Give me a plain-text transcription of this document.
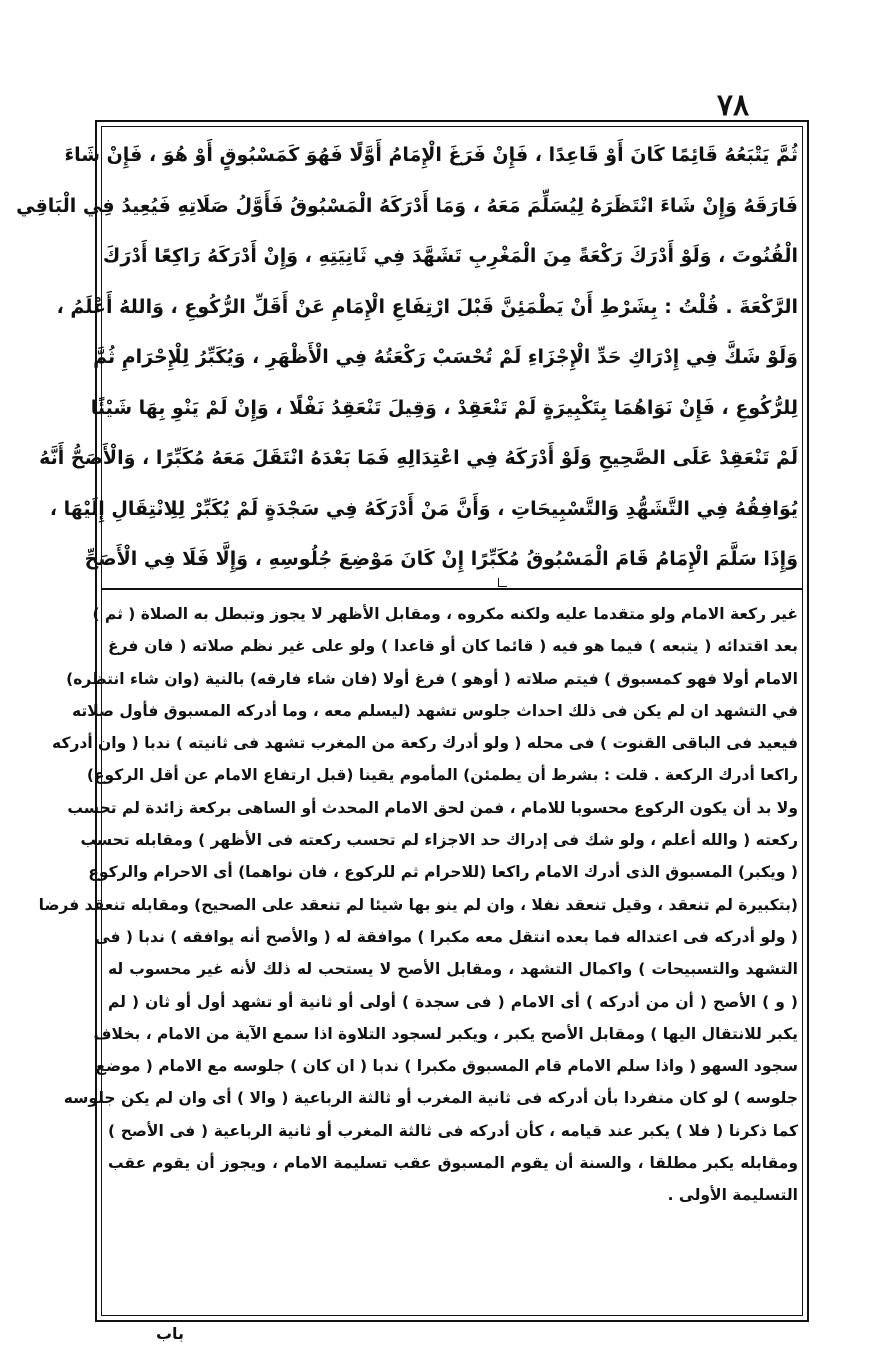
٧٨
ثُمَّ يَتْبَعُهُ قَائِمًا كَانَ أَوْ قَاعِدًا ، فَإِنْ فَرَغَ الْإِمَامُ أَوَّلًا فَهُوَ كَمَسْبُوقٍ أَوْ هُوَ ، فَإِنْ شَاءَ
فَارَقَهُ وَإِنْ شَاءَ انْتَظَرَهُ لِيُسَلِّمَ مَعَهُ ، وَمَا أَدْرَكَهُ الْمَسْبُوقُ فَأَوَّلُ صَلَاتِهِ فَيُعِيدُ فِي الْبَاقِي
الْقُنُوتَ ، وَلَوْ أَدْرَكَ رَكْعَةً مِنَ الْمَغْرِبِ تَشَهَّدَ فِي ثَانِيَتِهِ ، وَإِنْ أَدْرَكَهُ رَاكِعًا أَدْرَكَ
الرَّكْعَةَ . قُلْتُ : بِشَرْطِ أَنْ يَطْمَئِنَّ قَبْلَ ارْتِفَاعِ الْإِمَامِ عَنْ أَقَلِّ الرُّكُوعِ ، وَاللهُ أَعْلَمُ ،
وَلَوْ شَكَّ فِي إِدْرَاكِ حَدِّ الْإِجْزَاءِ لَمْ تُحْسَبْ رَكْعَتُهُ فِي الْأَظْهَرِ ، وَيُكَبِّرُ لِلْإِحْرَامِ ثُمَّ
لِلرُّكُوعِ ، فَإِنْ نَوَاهُمَا بِتَكْبِيرَةٍ لَمْ تَنْعَقِدْ ، وَقِيلَ تَنْعَقِدُ نَفْلًا ، وَإِنْ لَمْ يَنْوِ بِهَا شَيْئًا
لَمْ تَنْعَقِدْ عَلَى الصَّحِيحِ وَلَوْ أَدْرَكَهُ فِي اعْتِدَالِهِ فَمَا بَعْدَهُ انْتَقَلَ مَعَهُ مُكَبِّرًا ، وَالْأَصَحُّ أَنَّهُ
يُوَافِقُهُ فِي التَّشَهُّدِ وَالتَّسْبِيحَاتِ ، وَأَنَّ مَنْ أَدْرَكَهُ فِي سَجْدَةٍ لَمْ يُكَبِّرْ لِلِانْتِقَالِ إِلَيْهَا ،
وَإِذَا سَلَّمَ الْإِمَامُ قَامَ الْمَسْبُوقُ مُكَبِّرًا إِنْ كَانَ مَوْضِعَ جُلُوسِهِ ، وَإِلَّا فَلَا فِي الْأَصَحِّ
غير ركعة الامام ولو متقدما عليه ولكنه مكروه ، ومقابل الأظهر لا يجوز وتبطل به الصلاة ( ثم )
بعد اقتدائه ( يتبعه ) فيما هو فيه ( قائما كان أو قاعدا ) ولو على غير نظم صلاته ( فان فرغ
الامام أولا فهو كمسبوق ) فيتم صلاته ( أوهو ) فرغ أولا (فان شاء فارقه) بالنية (وان شاء انتظره)
في التشهد ان لم يكن فى ذلك احداث جلوس تشهد (ليسلم معه ، وما أدركه المسبوق فأول صلاته
فيعيد فى الباقى القنوت ) فى محله ( ولو أدرك ركعة من المغرب تشهد فى ثانيته ) ندبا ( وان أدركه
راكعا أدرك الركعة . قلت : بشرط أن يطمئن) المأموم يقينا (قبل ارتفاع الامام عن أقل الركوع)
ولا بد أن يكون الركوع محسوبا للامام ، فمن لحق الامام المحدث أو الساهى بركعة زائدة لم تحسب
ركعته ( والله أعلم ، ولو شك فى إدراك حد الاجزاء لم تحسب ركعته فى الأظهر ) ومقابله تحسب
( ويكبر) المسبوق الذى أدرك الامام راكعا (للاحرام ثم للركوع ، فان نواهما) أى الاحرام والركوع
(بتكبيرة لم تنعقد ، وقيل تنعقد نفلا ، وان لم ينو بها شيئا لم تنعقد على الصحيح) ومقابله تنعقد فرضا
( ولو أدركه فى اعتداله فما بعده انتقل معه مكبرا ) موافقة له ( والأصح أنه يوافقه ) ندبا ( فى
التشهد والتسبيحات ) واكمال التشهد ، ومقابل الأصح لا يستحب له ذلك لأنه غير محسوب له
( و ) الأصح ( أن من أدركه ) أى الامام ( فى سجدة ) أولى أو ثانية أو تشهد أول أو ثان ( لم
يكبر للانتقال اليها ) ومقابل الأصح يكبر ، ويكبر لسجود التلاوة اذا سمع الآية من الامام ، بخلاف
سجود السهو ( واذا سلم الامام قام المسبوق مكبرا ) ندبا ( ان كان ) جلوسه مع الامام ( موضع
جلوسه ) لو كان منفردا بأن أدركه فى ثانية المغرب أو ثالثة الرباعية ( والا ) أى وان لم يكن جلوسه
كما ذكرنا ( فلا ) يكبر عند قيامه ، كأن أدركه فى ثالثة المغرب أو ثانية الرباعية ( فى الأصح )
ومقابله يكبر مطلقا ، والسنة أن يقوم المسبوق عقب تسليمة الامام ، ويجوز أن يقوم عقب
التسليمة الأولى .
باب
